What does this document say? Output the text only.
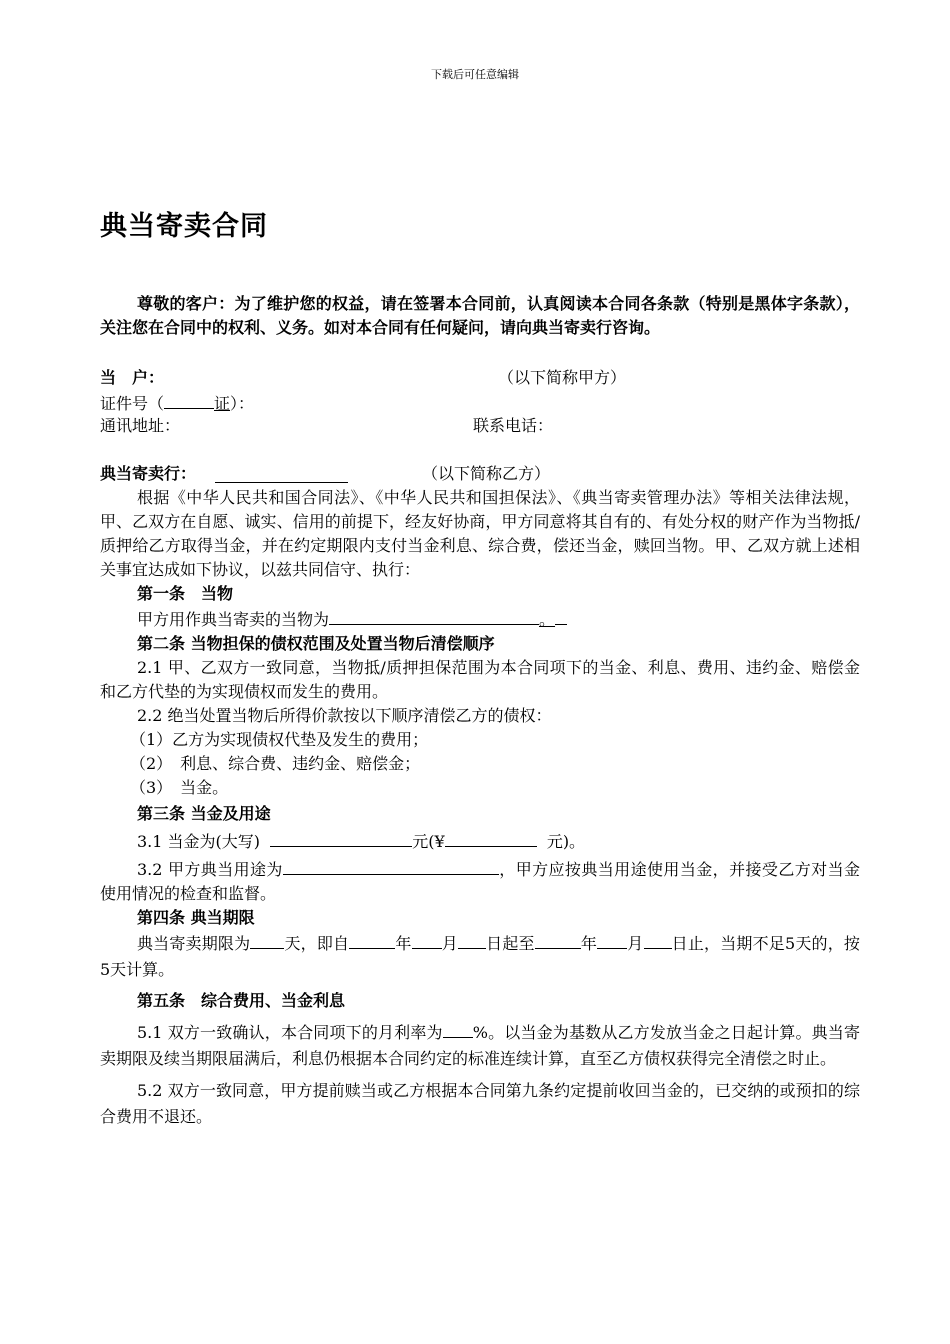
下载后可任意编辑
典当寄卖合同

尊敬的客户：为了维护您的权益，请在签署本合同前，认真阅读本合同各条款（特别是黑体字条款），关注您在合同中的权利、义务。如对本合同有任何疑问，请向典当寄卖行咨询。

当　户：	（以下简称甲方）
证件号（	证）：
通讯地址：	联系电话：
典当寄卖行：	（以下简称乙方）

根据《中华人民共和国合同法》、《中华人民共和国担保法》、《典当寄卖管理办法》等相关法律法规，甲、乙双方在自愿、诚实、信用的前提下，经友好协商，甲方同意将其自有的、有处分权的财产作为当物抵/质押给乙方取得当金，并在约定期限内支付当金利息、综合费，偿还当金，赎回当物。甲、乙双方就上述相关事宜达成如下协议，以兹共同信守、执行：

第一条　当物

甲方用作典当寄卖的当物为	。

第二条 当物担保的债权范围及处置当物后清偿顺序

2.1 甲、乙双方一致同意，当物抵/质押担保范围为本合同项下的当金、利息、费用、违约金、赔偿金和乙方代垫的为实现债权而发生的费用。

2.2 绝当处置当物后所得价款按以下顺序清偿乙方的债权：

（1）乙方为实现债权代垫及发生的费用；

（2）　利息、综合费、违约金、赔偿金；

（3）　当金。

第三条 当金及用途

3.1 当金为(大写)	元(¥	元)。

3.2 甲方典当用途为	，甲方应按典当用途使用当金，并接受乙方对当金使用情况的检查和监督。

第四条 典当期限

典当寄卖期限为 天，即自	年 月 日起至	年 月 日止，当期不足5天的，按5天计算。

第五条　综合费用、当金利息

5.1 双方一致确认，本合同项下的月利率为 %。以当金为基数从乙方发放当金之日起计算。典当寄卖期限及续当期限届满后，利息仍根据本合同约定的标准连续计算，直至乙方债权获得完全清偿之时止。

5.2 双方一致同意，甲方提前赎当或乙方根据本合同第九条约定提前收回当金的，已交纳的或预扣的综合费用不退还。
